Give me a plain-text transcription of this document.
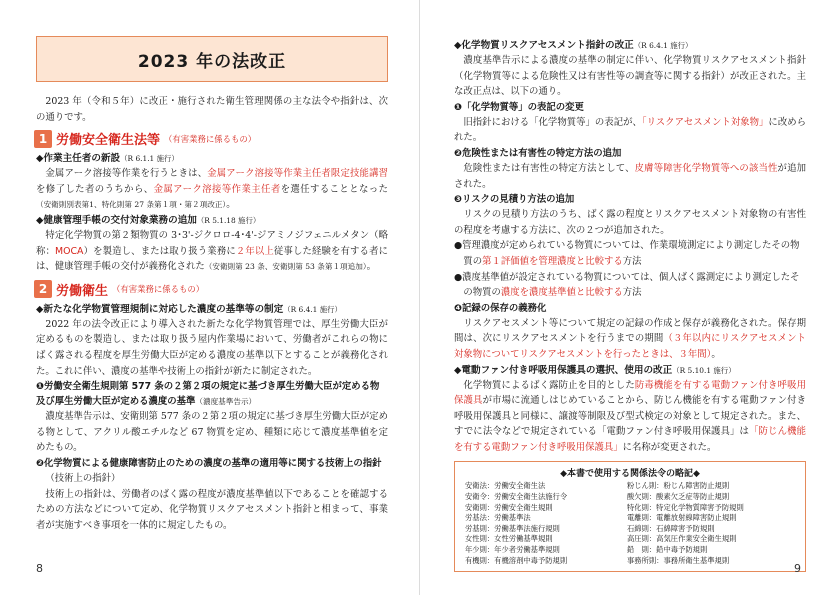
2023 年の法改正

2023 年（令和５年）に改正・施行された衛生管理関係の主な法令や指針は、次の通りです。

1 労働安全衛生法等 （有害業務に係るもの）
◆作業主任者の新設（R 6.1.1 施行）

金属アーク溶接等作業を行うときは、金属アーク溶接等作業主任者限定技能講習を修了した者のうちから、金属アーク溶接等作業主任者を選任することとなった（安衛則別表第1、特化則第 27 条第１項・第２項改正）。

◆健康管理手帳の交付対象業務の追加（R 5.1.18 施行）

特定化学物質の第２類物質の 3･3'‐ジクロロ‐4･4'‐ジアミノジフェニルメタン（略称：MOCA）を製造し、または取り扱う業務に２年以上従事した経験を有する者には、健康管理手帳の交付が義務化された（安衛則第 23 条、安衛則第 53 条第１項追加）。

2 労働衛生 （有害業務に係るもの）
◆新たな化学物質管理規制に対応した濃度の基準等の制定（R 6.4.1 施行）

2022 年の法令改正により導入された新たな化学物質管理では、厚生労働大臣が定めるものを製造し、または取り扱う屋内作業場において、労働者がこれらの物にばく露される程度を厚生労働大臣が定める濃度の基準以下とすることが義務化された。これに伴い、濃度の基準や技術上の指針が新たに制定された。

❶労働安全衛生規則第 577 条の２第２項の規定に基づき厚生労働大臣が定める物及び厚生労働大臣が定める濃度の基準（濃度基準告示）

濃度基準告示は、安衛則第 577 条の２第２項の規定に基づき厚生労働大臣が定める物として、アクリル酸エチルなど 67 物質を定め、種類に応じて濃度基準値を定めたもの。

❷化学物質による健康障害防止のための濃度の基準の適用等に関する技術上の指針

（技術上の指針）

技術上の指針は、労働者のばく露の程度が濃度基準値以下であることを確認するための方法などについて定め、化学物質リスクアセスメント指針と相まって、事業者が実施すべき事項を一体的に規定したもの。

8
◆化学物質リスクアセスメント指針の改正（R 6.4.1 施行）

濃度基準告示による濃度の基準の制定に伴い、化学物質リスクアセスメント指針（化学物質等による危険性又は有害性等の調査等に関する指針）が改正された。主な改正点は、以下の通り。

❶「化学物質等」の表記の変更

旧指針における「化学物質等」の表記が、「リスクアセスメント対象物」に改められた。

❷危険性または有害性の特定方法の追加

危険性または有害性の特定方法として、皮膚等障害化学物質等への該当性が追加された。

❸リスクの見積り方法の追加

リスクの見積り方法のうち、ばく露の程度とリスクアセスメント対象物の有害性の程度を考慮する方法に、次の２つが追加された。

●管理濃度が定められている物質については、作業環境測定により測定したその物質の第１評価値を管理濃度と比較する方法

●濃度基準値が設定されている物質については、個人ばく露測定により測定したその物質の濃度を濃度基準値と比較する方法

❹記録の保存の義務化

リスクアセスメント等について規定の記録の作成と保存が義務化された。保存期間は、次にリスクアセスメントを行うまでの期間（３年以内にリスクアセスメント対象物についてリスクアセスメントを行ったときは、３年間）。

◆電動ファン付き呼吸用保護具の選択、使用の改正（R 5.10.1 施行）

化学物質によるばく露防止を目的とした防毒機能を有する電動ファン付き呼吸用保護具が市場に流通しはじめていることから、防じん機能を有する電動ファン付き呼吸用保護具と同様に、譲渡等制限及び型式検定の対象として規定された。また、すでに法令などで規定されている「電動ファン付き呼吸用保護具」は「防じん機能を有する電動ファン付き呼吸用保護具」に名称が変更された。

◆本書で使用する関係法令の略記◆
安衛法：労働安全衛生法
安衛令：労働安全衛生法施行令
安衛則：労働安全衛生規則
労基法：労働基準法
労基則：労働基準法施行規則
女性則：女性労働基準規則
年少則：年少者労働基準規則
有機則：有機溶剤中毒予防規則
粉じん則：粉じん障害防止規則
酸欠則：酸素欠乏症等防止規則
特化則：特定化学物質障害予防規則
電離則：電離放射線障害防止規則
石綿則：石綿障害予防規則
高圧則：高気圧作業安全衛生規則
鉛　則：鉛中毒予防規則
事務所則：事務所衛生基準規則
9
